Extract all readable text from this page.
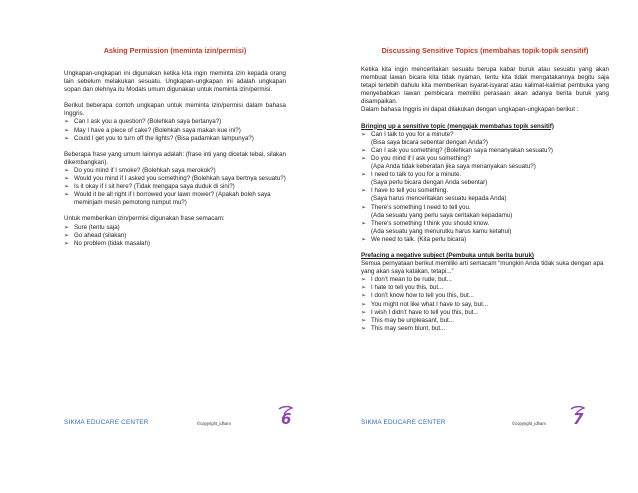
Asking Permission (meminta izin/permisi)

Ungkapan-ungkapan ini digunakan ketika kita ingin meminta izin kepada orang lain sebelum melakukan sesuatu. Ungkapan-ungkapan ini adalah ungkapan sopan dan olehnya itu Modals umum digunakan untuk meminta izin/permisi.

Berikut beberapa contoh ungkapan untuk meminta izin/permisi dalam bahasa Inggris.

➢ Can I ask you a question? (Bolehkah saya bertanya?)
➢ May I have a piece of cake? (Bolehkah saya makan kue ini?)
➢ Could I get you to turn off the lights? (Bisa padamkan lampunya?)

Beberapa frase yang umum lainnya adalah: (frase inti yang dicetak tebal, silakan dikembangkan).

➢ Do you mind if I smoke? (Bolehkah saya merokok?)
➢ Would you mind if I asked you something? (Bolehkah saya bertnya sesuatu?)
➢ Is it okay if I sit here? (Tidak mengapa saya duduk di sini?)
➢ Would it be all right if I borrowed your lawn mower? (Apakah boleh saya meminjam mesin pemotong rumput mu?)

Untuk memberikan izin/permisi digunakan frase semacam:

➢ Sure (tentu saja)
➢ Go ahead (silakan)
➢ No problem (tidak masalah)
SIKMA EDUCARE CENTER	©copyright_idham	6
Discussing Sensitive Topics (membahas topik-topik sensitif)

Ketika kita ingin menceritakan sesuatu berupa kabar buruk atau sesuatu yang akan membuat lawan bicara kita tidak nyaman, tentu kita tidak mengatakannya begitu saja tetapi terlebih dahulu kita memberikan isyarat-isyarat atau kalimat-kalimat pembuka yang menyebabkan lawan pembicara memiliki perasaan akan adanya berita buruk yang disampaikan.

Dalam bahasa Inggris ini dapat dilakukan dengan ungkapan-ungkapan berikut :

Bringing up a sensitive topic (mengajak membahas topik sensitif)

➢ Can I talk to you for a minute?
(Bisa saya bicara sebentar dengan Anda?)
➢ Can I ask you something? (Bolehkan saya menanyakan sesuatu?)
➢ Do you mind if I ask you something?
(Apa Anda tidak keberatan jika saya menanyakan sesuatu?)
➢ I need to talk to you for a minute.
(Saya perlu bicara dengan Anda sebentar)
➢ I have to tell you something.
(Saya harus menceritakan sesuatu kepada Anda)
➢ There’s something I need to tell you.
(Ada sesuatu yang perlu saya ceritakan kepadamu)
➢ There’s something I think you should know.
(Ada sesuatu yang menurutku harus kamu ketahui)
➢ We need to talk. (Kita perlu bicara)

Prefacing a negative subject (Pembuka untuk berita buruk)

Semua pernyataan berikut memiliki arti semacam “mungkin Anda tidak suka dengan apa yang akan saya katakan, tetapi...”

➢ I don’t mean to be rude, but...
➢ I hate to tell you this, but...
➢ I don’t know how to tell you this, but...
➢ You might not like what I have to say, but...
➢ I wish I didn’t have to tell you this, but...
➢ This may be unpleasant, but...
➢ This may seem blunt, but...
SIKMA EDUCARE CENTER	©copyright_idham 7
